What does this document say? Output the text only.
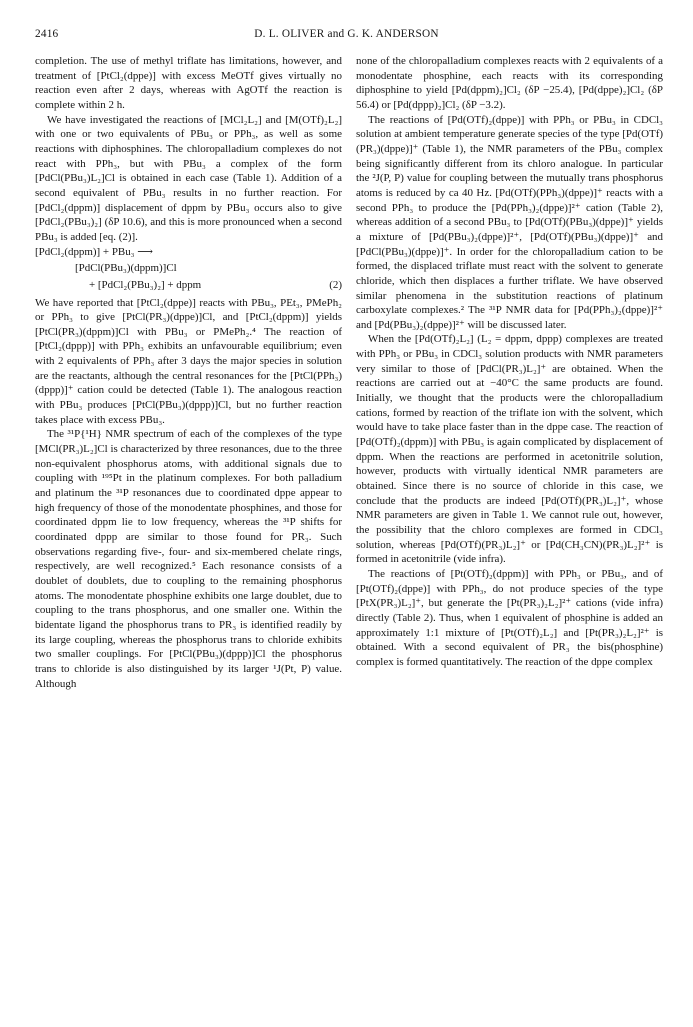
2416	D. L. OLIVER and G. K. ANDERSON

completion. The use of methyl triflate has limitations, however, and treatment of [PtCl₂(dppe)] with excess MeOTf gives virtually no reaction even after 2 days, whereas with AgOTf the reaction is complete within 2 h.

We have investigated the reactions of [MCl₂L₂] and [M(OTf)₂L₂] with one or two equivalents of PBu₃ or PPh₃, as well as some reactions with diphosphines. The chloropalladium complexes do not react with PPh₃, but with PBu₃ a complex of the form [PdCl(PBu₃)L₂]Cl is obtained in each case (Table 1). Addition of a second equivalent of PBu₃ results in no further reaction. For [PdCl₂(dppm)] displacement of dppm by PBu₃ occurs also to give [PdCl₂(PBu₃)₂] (δP 10.6), and this is more pronounced when a second PBu₃ is added [eq. (2)].

[PdCl₂(dppm)] + PBu₃ ⟶
[PdCl(PBu₃)(dppm)]Cl
+ [PdCl₂(PBu₃)₂] + dppm	(2)

We have reported that [PtCl₂(dppe)] reacts with PBu₃, PEt₃, PMePh₂ or PPh₃ to give [PtCl(PR₃)(dppe)]Cl, and [PtCl₂(dppm)] yields [PtCl(PR₃)(dppm)]Cl with PBu₃ or PMePh₂.⁴ The reaction of [PtCl₂(dppp)] with PPh₃ exhibits an unfavourable equilibrium; even with 2 equivalents of PPh₃ after 3 days the major species in solution are the reactants, although the central resonances for the [PtCl(PPh₃)(dppp)]⁺ cation could be detected (Table 1). The analogous reaction with PBu₃ produces [PtCl(PBu₃)(dppp)]Cl, but no further reaction takes place with excess PBu₃.

The ³¹P{¹H} NMR spectrum of each of the complexes of the type [MCl(PR₃)L₂]Cl is characterized by three resonances, due to the three non-equivalent phosphorus atoms, with additional signals due to coupling with ¹⁹⁵Pt in the platinum complexes. For both palladium and platinum the ³¹P resonances due to coordinated dppe appear to high frequency of those of the monodentate phosphines, and those for coordinated dppm lie to low frequency, whereas the ³¹P shifts for coordinated dppp are similar to those found for PR₃. Such observations regarding five-, four- and six-membered chelate rings, respectively, are well recognized.⁵ Each resonance consists of a doublet of doublets, due to coupling to the remaining phosphorus atoms. The monodentate phosphine exhibits one large doublet, due to coupling to the trans phosphorus, and one smaller one. Within the bidentate ligand the phosphorus trans to PR₃ is identified readily by its large coupling, whereas the phosphorus trans to chloride exhibits two smaller couplings. For [PtCl(PBu₃)(dppp)]Cl the phosphorus trans to chloride is also distinguished by its larger ¹J(Pt, P) value. Although

none of the chloropalladium complexes reacts with 2 equivalents of a monodentate phosphine, each reacts with its corresponding diphosphine to yield [Pd(dppm)₂]Cl₂ (δP −25.4), [Pd(dppe)₂]Cl₂ (δP 56.4) or [Pd(dppp)₂]Cl₂ (δP −3.2).

The reactions of [Pd(OTf)₂(dppe)] with PPh₃ or PBu₃ in CDCl₃ solution at ambient temperature generate species of the type [Pd(OTf)(PR₃)(dppe)]⁺ (Table 1), the NMR parameters of the PBu₃ complex being significantly different from its chloro analogue. In particular the ²J(P, P) value for coupling between the mutually trans phosphorus atoms is reduced by ca 40 Hz. [Pd(OTf)(PPh₃)(dppe)]⁺ reacts with a second PPh₃ to produce the [Pd(PPh₃)₂(dppe)]²⁺ cation (Table 2), whereas addition of a second PBu₃ to [Pd(OTf)(PBu₃)(dppe)]⁺ yields a mixture of [Pd(PBu₃)₂(dppe)]²⁺, [Pd(OTf)(PBu₃)(dppe)]⁺ and [PdCl(PBu₃)(dppe)]⁺. In order for the chloropalladium cation to be formed, the displaced triflate must react with the solvent to generate chloride, which then displaces a further triflate. We have observed similar phenomena in the substitution reactions of platinum carboxylate complexes.² The ³¹P NMR data for [Pd(PPh₃)₂(dppe)]²⁺ and [Pd(PBu₃)₂(dppe)]²⁺ will be discussed later.

When the [Pd(OTf)₂L₂] (L₂ = dppm, dppp) complexes are treated with PPh₃ or PBu₃ in CDCl₃ solution products with NMR parameters very similar to those of [PdCl(PR₃)L₂]⁺ are obtained. When the reactions are carried out at −40°C the same products are found. Initially, we thought that the products were the chloropalladium cations, formed by reaction of the triflate ion with the solvent, which would have to take place faster than in the dppe case. The reaction of [Pd(OTf)₂(dppm)] with PBu₃ is again complicated by displacement of dppm. When the reactions are performed in acetonitrile solution, however, products with virtually identical NMR parameters are obtained. Since there is no source of chloride in this case, we conclude that the products are indeed [Pd(OTf)(PR₃)L₂]⁺, whose NMR parameters are given in Table 1. We cannot rule out, however, the possibility that the chloro complexes are formed in CDCl₃ solution, whereas [Pd(OTf)(PR₃)L₂]⁺ or [Pd(CH₃CN)(PR₃)L₂]²⁺ is formed in acetonitrile (vide infra).

The reactions of [Pt(OTf)₂(dppm)] with PPh₃ or PBu₃, and of [Pt(OTf)₂(dppe)] with PPh₃, do not produce species of the type [PtX(PR₃)L₂]⁺, but generate the [Pt(PR₃)₂L₂]²⁺ cations (vide infra) directly (Table 2). Thus, when 1 equivalent of phosphine is added an approximately 1:1 mixture of [Pt(OTf)₂L₂] and [Pt(PR₃)₂L₂]²⁺ is obtained. With a second equivalent of PR₃ the bis(phosphine) complex is formed quantitatively. The reaction of the dppe complex
